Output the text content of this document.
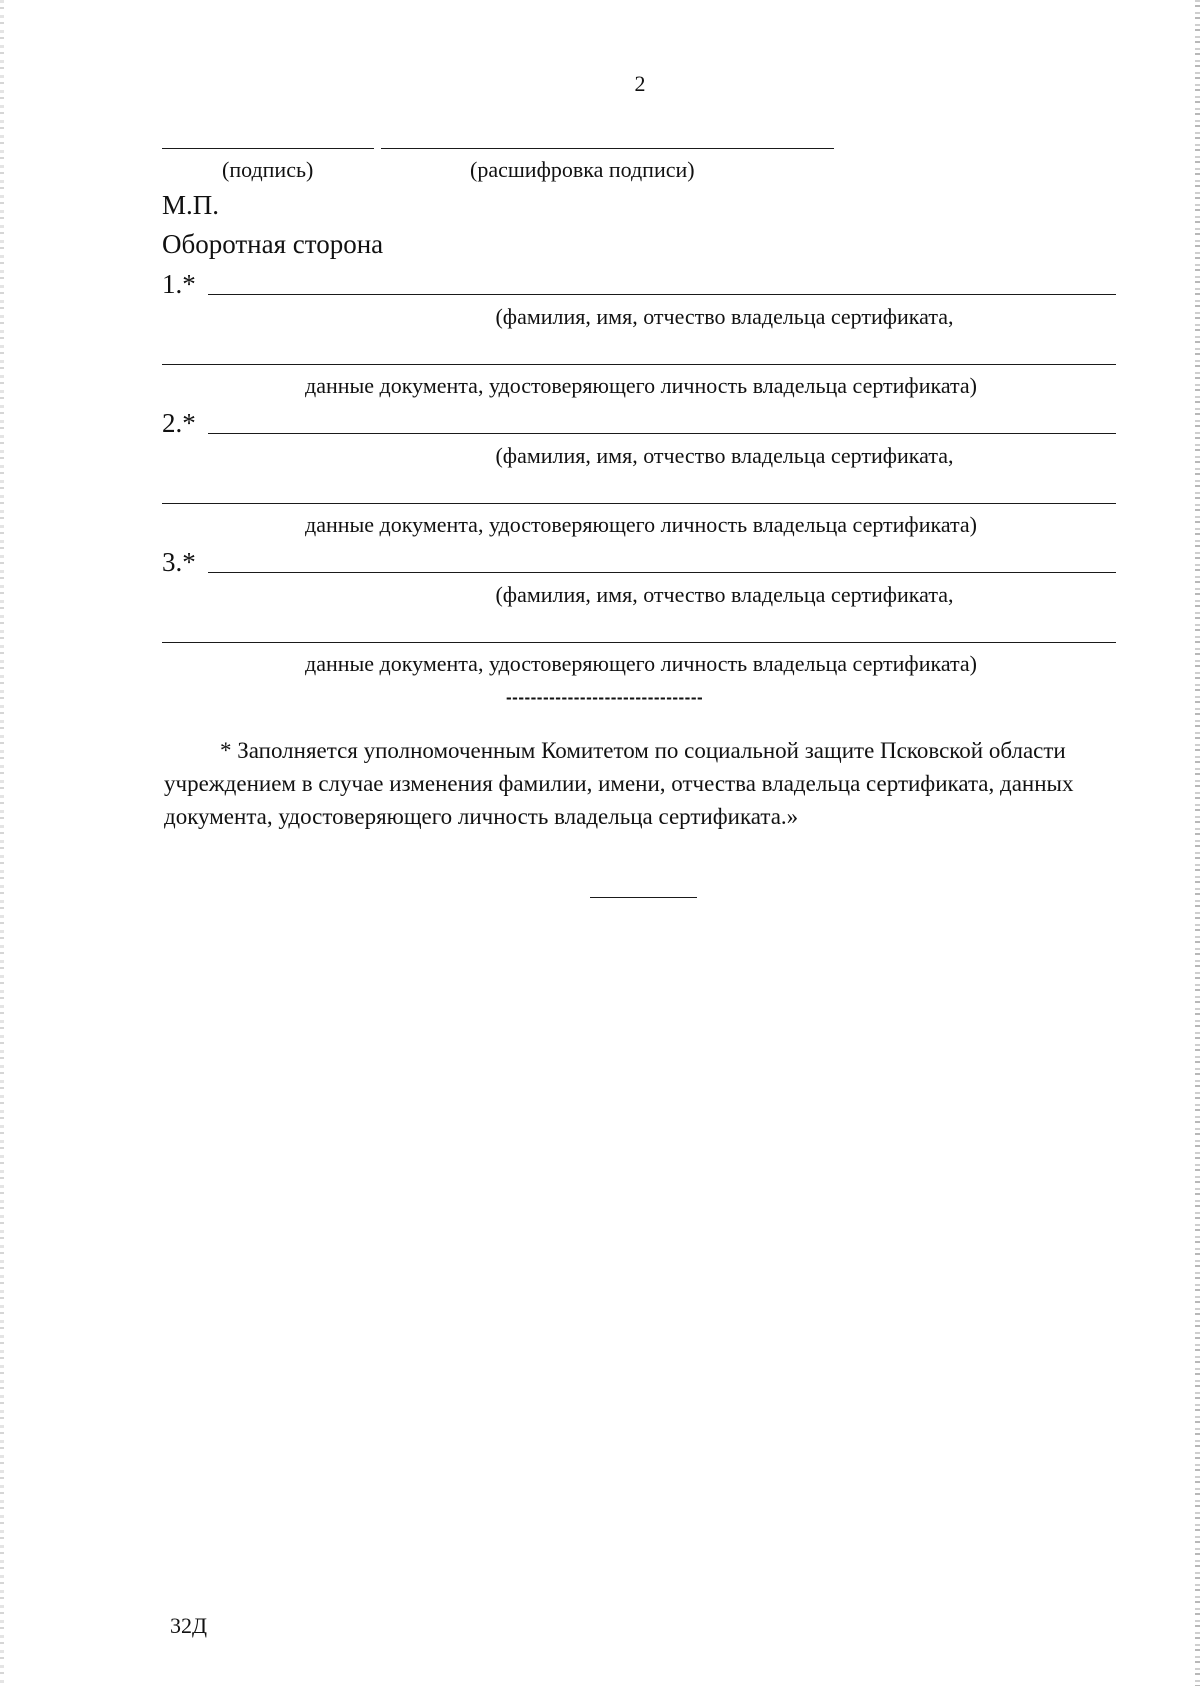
2
(подпись)	(расшифровка подписи)
М.П.
Оборотная сторона
1.*
(фамилия, имя, отчество владельца сертификата,
данные документа, удостоверяющего личность владельца сертификата)
2.*
(фамилия, имя, отчество владельца сертификата,
данные документа, удостоверяющего личность владельца сертификата)
3.*
(фамилия, имя, отчество владельца сертификата,
данные документа, удостоверяющего личность владельца сертификата)
--------------------------------
* Заполняется уполномоченным Комитетом по социальной защите Псковской области учреждением в случае изменения фамилии, имени, отчества владельца сертификата, данных документа, удостоверяющего личность владельца сертификата.»
32Д
